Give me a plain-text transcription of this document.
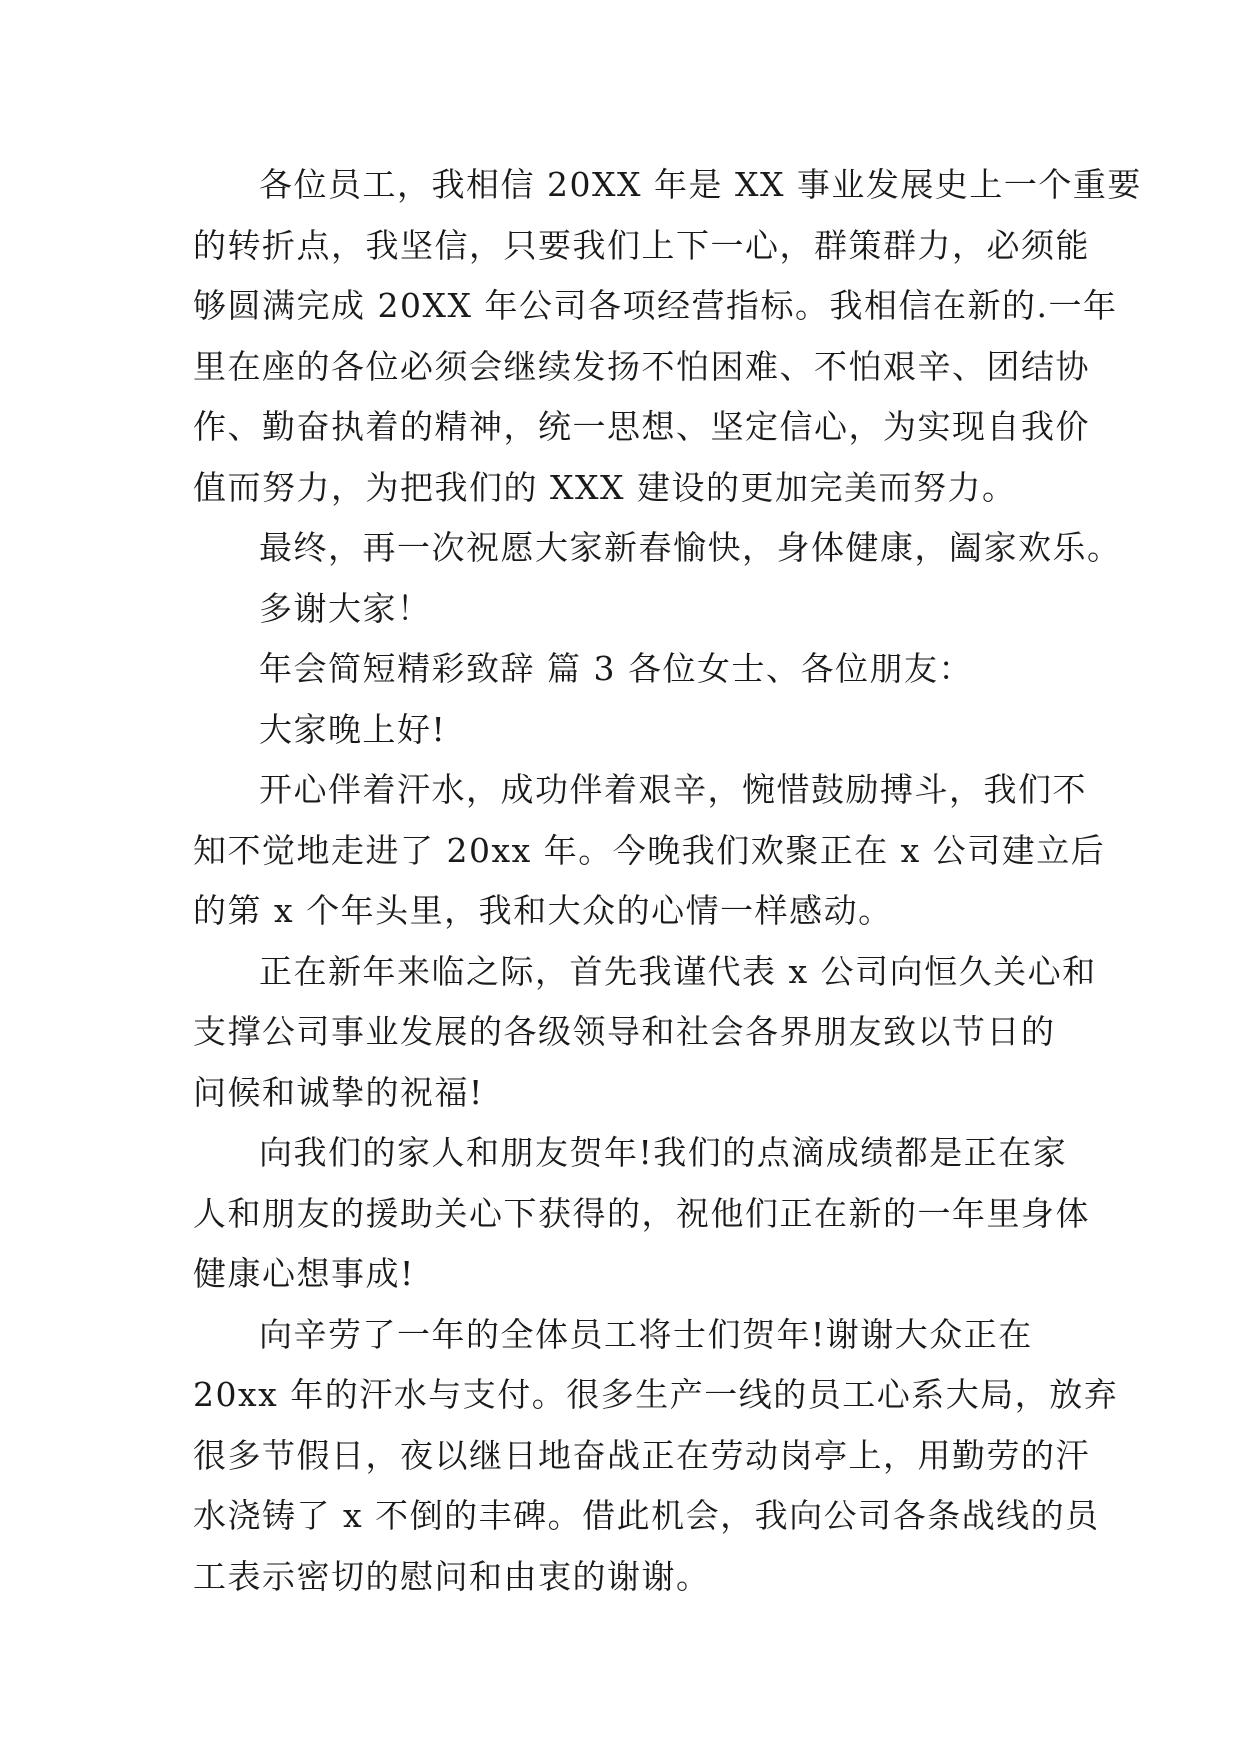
各位员工，我相信 20XX 年是 XX 事业发展史上一个重要
的转折点，我坚信，只要我们上下一心，群策群力，必须能
够圆满完成 20XX 年公司各项经营指标。我相信在新的.一年
里在座的各位必须会继续发扬不怕困难、不怕艰辛、团结协
作、勤奋执着的精神，统一思想、坚定信心，为实现自我价
值而努力，为把我们的 XXX 建设的更加完美而努力。
最终，再一次祝愿大家新春愉快，身体健康，阖家欢乐。
多谢大家！
年会简短精彩致辞 篇 3 各位女士、各位朋友：
大家晚上好!
开心伴着汗水，成功伴着艰辛，惋惜鼓励搏斗，我们不
知不觉地走进了 20xx 年。今晚我们欢聚正在 x 公司建立后
的第 x 个年头里，我和大众的心情一样感动。
正在新年来临之际，首先我谨代表 x 公司向恒久关心和
支撑公司事业发展的各级领导和社会各界朋友致以节日的
问候和诚挚的祝福!
向我们的家人和朋友贺年!我们的点滴成绩都是正在家
人和朋友的援助关心下获得的，祝他们正在新的一年里身体
健康心想事成!
向辛劳了一年的全体员工将士们贺年!谢谢大众正在
20xx 年的汗水与支付。很多生产一线的员工心系大局，放弃
很多节假日，夜以继日地奋战正在劳动岗亭上，用勤劳的汗
水浇铸了 x 不倒的丰碑。借此机会，我向公司各条战线的员
工表示密切的慰问和由衷的谢谢。
